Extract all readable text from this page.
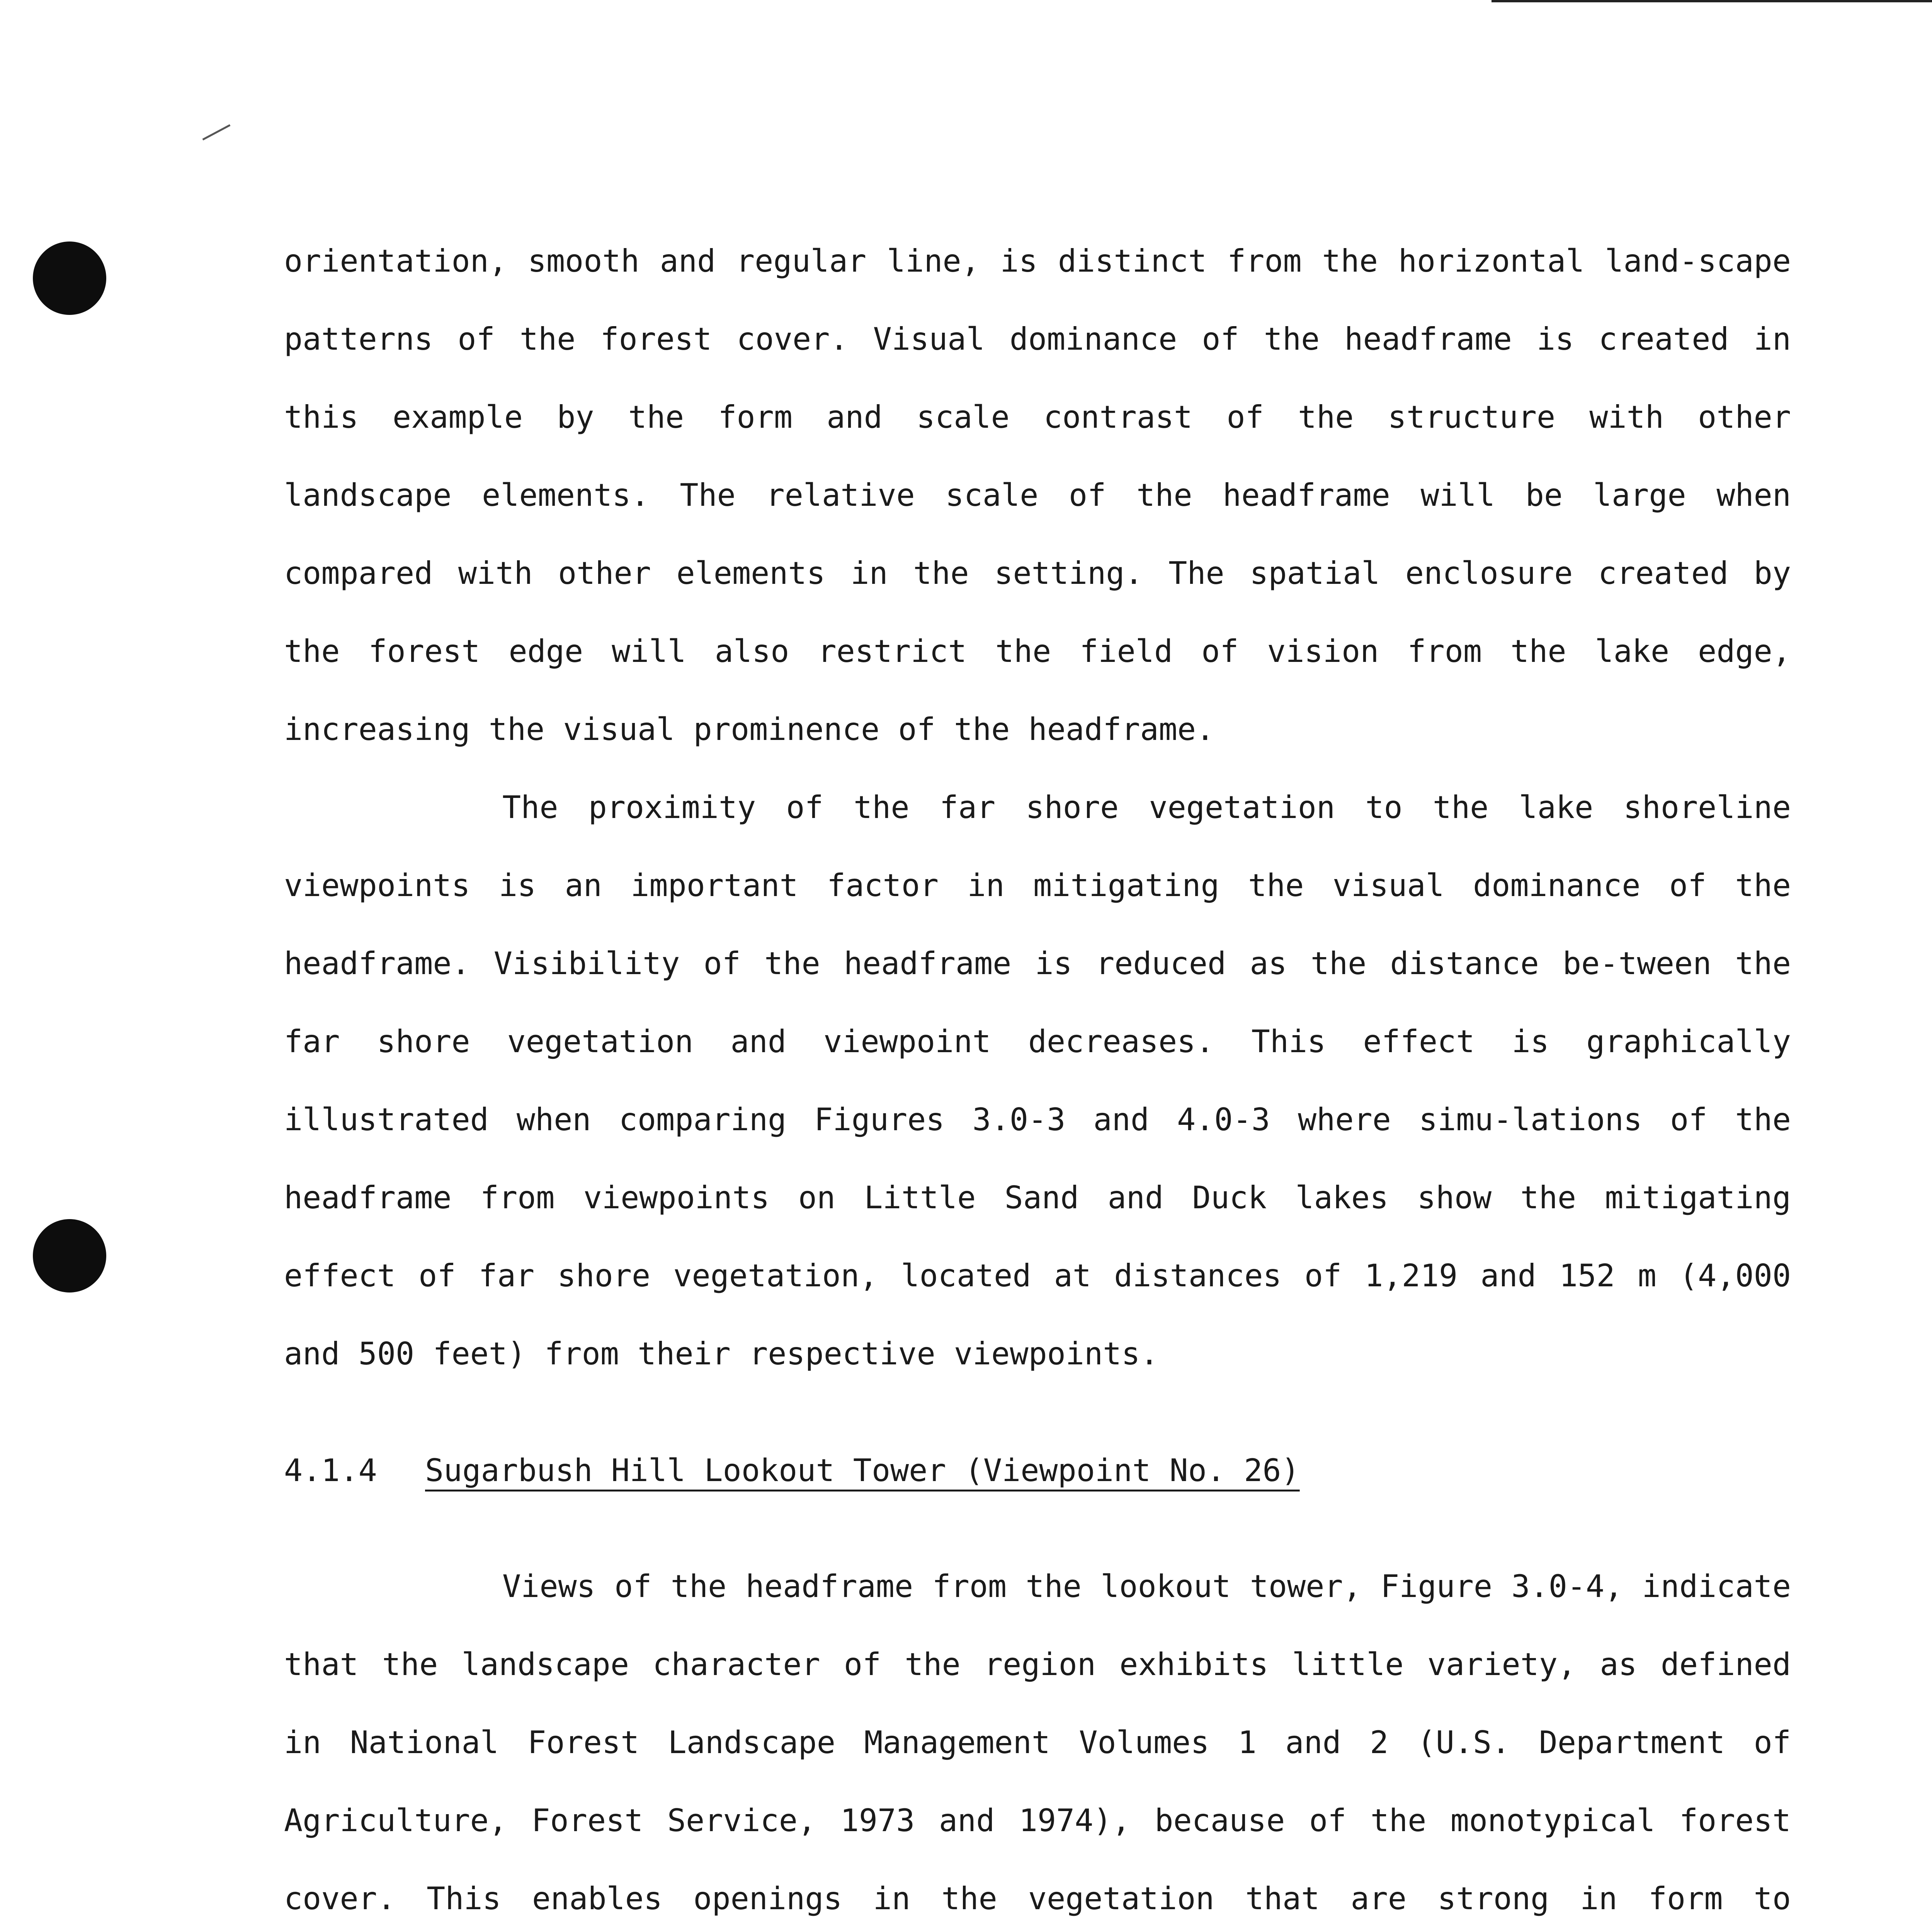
orientation, smooth and regular line, is distinct from the horizontal land-scape patterns of the forest cover. Visual dominance of the headframe is created in this example by the form and scale contrast of the structure with other landscape elements. The relative scale of the headframe will be large when compared with other elements in the setting. The spatial enclosure created by the forest edge will also restrict the field of vision from the lake edge, increasing the visual prominence of the headframe.

The proximity of the far shore vegetation to the lake shoreline viewpoints is an important factor in mitigating the visual dominance of the headframe. Visibility of the headframe is reduced as the distance be-tween the far shore vegetation and viewpoint decreases. This effect is graphically illustrated when comparing Figures 3.0-3 and 4.0-3 where simu-lations of the headframe from viewpoints on Little Sand and Duck lakes show the mitigating effect of far shore vegetation, located at distances of 1,219 and 152 m (4,000 and 500 feet) from their respective viewpoints.

4.1.4 Sugarbush Hill Lookout Tower (Viewpoint No. 26)

Views of the headframe from the lookout tower, Figure 3.0-4, indicate that the landscape character of the region exhibits little variety, as defined in National Forest Landscape Management Volumes 1 and 2 (U.S. Department of Agriculture, Forest Service, 1973 and 1974), because of the monotypical forest cover. This enables openings in the vegetation that are strong in form to
